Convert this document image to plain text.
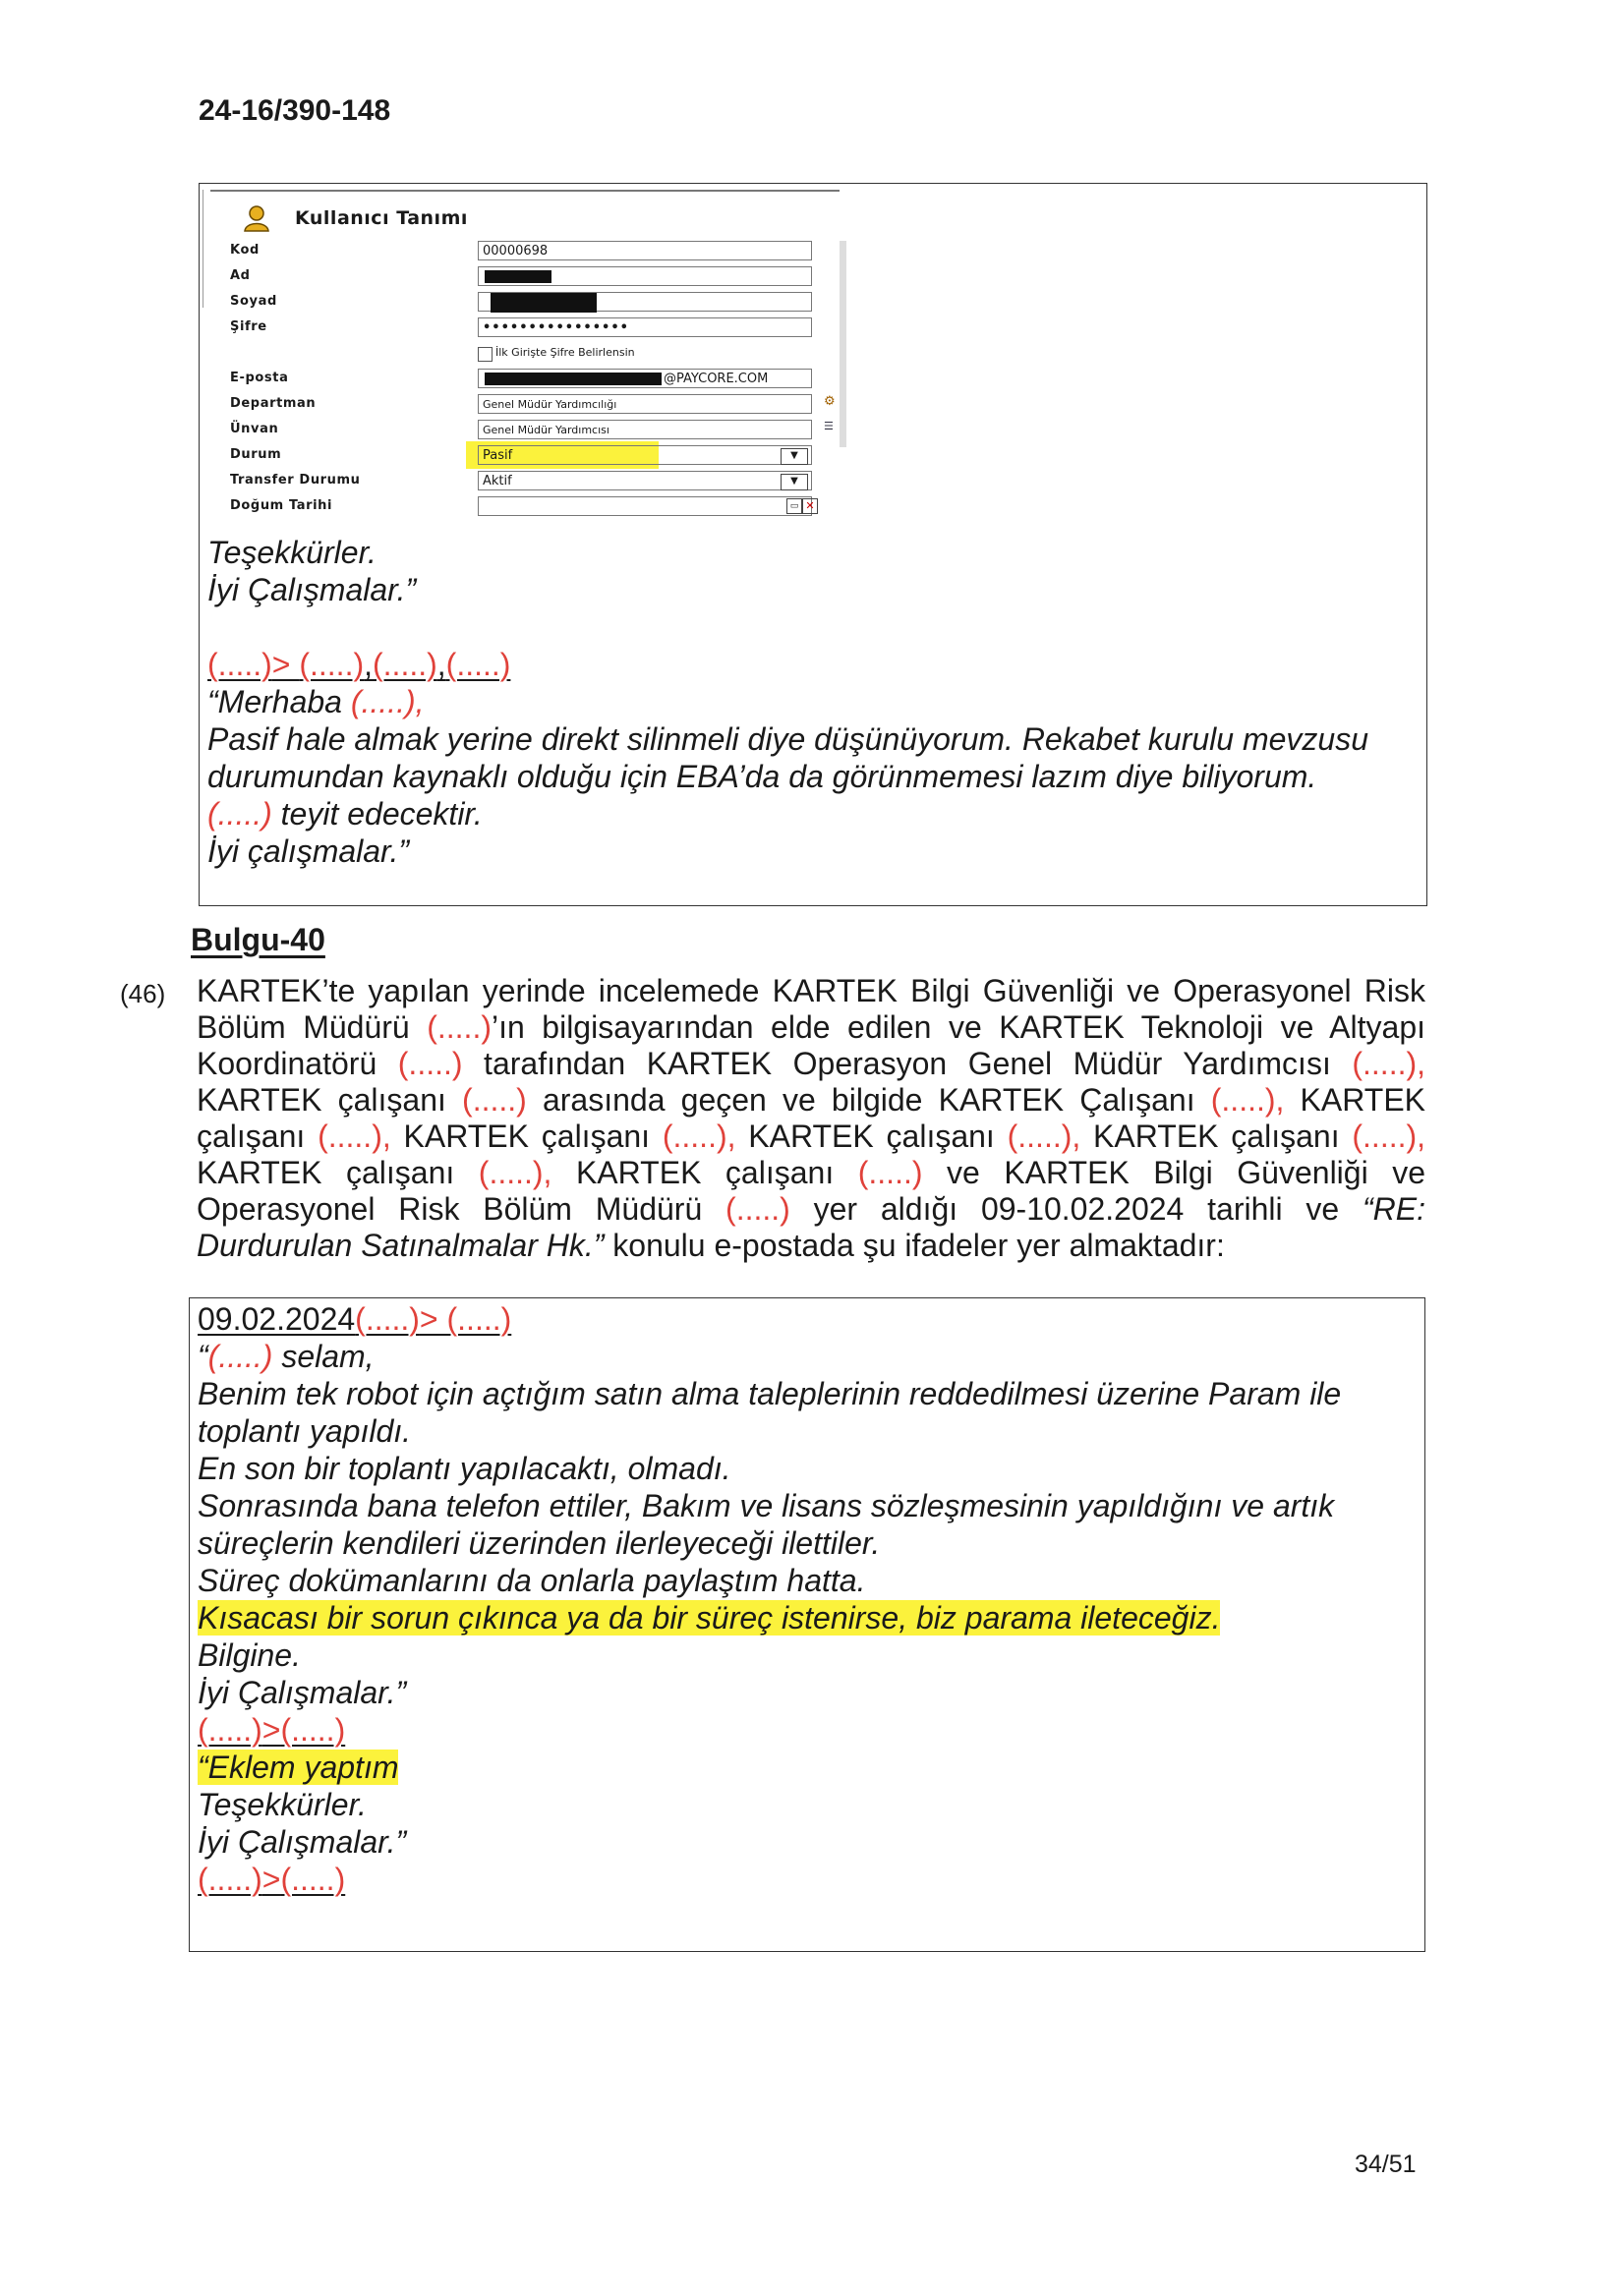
24-16/390-148
Kullanıcı Tanımı
Kod	00000698
Ad
Soyad
Şifre	••••••••••••••••
İlk Girişte Şifre Belirlensin
E-posta	@PAYCORE.COM
Departman	Genel Müdür Yardımcılığı	⚙
Ünvan	Genel Müdür Yardımcısı	☰
Durum	Pasif	▼
Transfer Durumu	Aktif	▼
Doğum Tarihi	▭ ✕
Teşekkürler.
İyi Çalışmalar.”
(.....)> (.....),(.....),(.....)
“Merhaba (.....),
Pasif hale almak yerine direkt silinmeli diye düşünüyorum. Rekabet kurulu mevzusu durumundan kaynaklı olduğu için EBA’da da görünmemesi lazım diye biliyorum.
(.....) teyit edecektir.
İyi çalışmalar.”
Bulgu-40
(46) KARTEK’te yapılan yerinde incelemede KARTEK Bilgi Güvenliği ve Operasyonel Risk Bölüm Müdürü (.....)’ın bilgisayarından elde edilen ve KARTEK Teknoloji ve Altyapı Koordinatörü (.....) tarafından KARTEK Operasyon Genel Müdür Yardımcısı (.....), KARTEK çalışanı (.....) arasında geçen ve bilgide KARTEK Çalışanı (.....), KARTEK çalışanı (.....), KARTEK çalışanı (.....), KARTEK çalışanı (.....), KARTEK çalışanı (.....), KARTEK çalışanı (.....), KARTEK çalışanı (.....) ve KARTEK Bilgi Güvenliği ve Operasyonel Risk Bölüm Müdürü (.....) yer aldığı 09-10.02.2024 tarihli ve “RE: Durdurulan Satınalmalar Hk.” konulu e-postada şu ifadeler yer almaktadır:
09.02.2024(.....)> (.....)
“(.....) selam,
Benim tek robot için açtığım satın alma taleplerinin reddedilmesi üzerine Param ile toplantı yapıldı.
En son bir toplantı yapılacaktı, olmadı.
Sonrasında bana telefon ettiler, Bakım ve lisans sözleşmesinin yapıldığını ve artık süreçlerin kendileri üzerinden ilerleyeceği ilettiler.
Süreç dokümanlarını da onlarla paylaştım hatta.
Kısacası bir sorun çıkınca ya da bir süreç istenirse, biz parama ileteceğiz.
Bilgine.
İyi Çalışmalar.”
(.....)>(.....)
“Eklem yaptım
Teşekkürler.
İyi Çalışmalar.”
(.....)>(.....)
34/51
